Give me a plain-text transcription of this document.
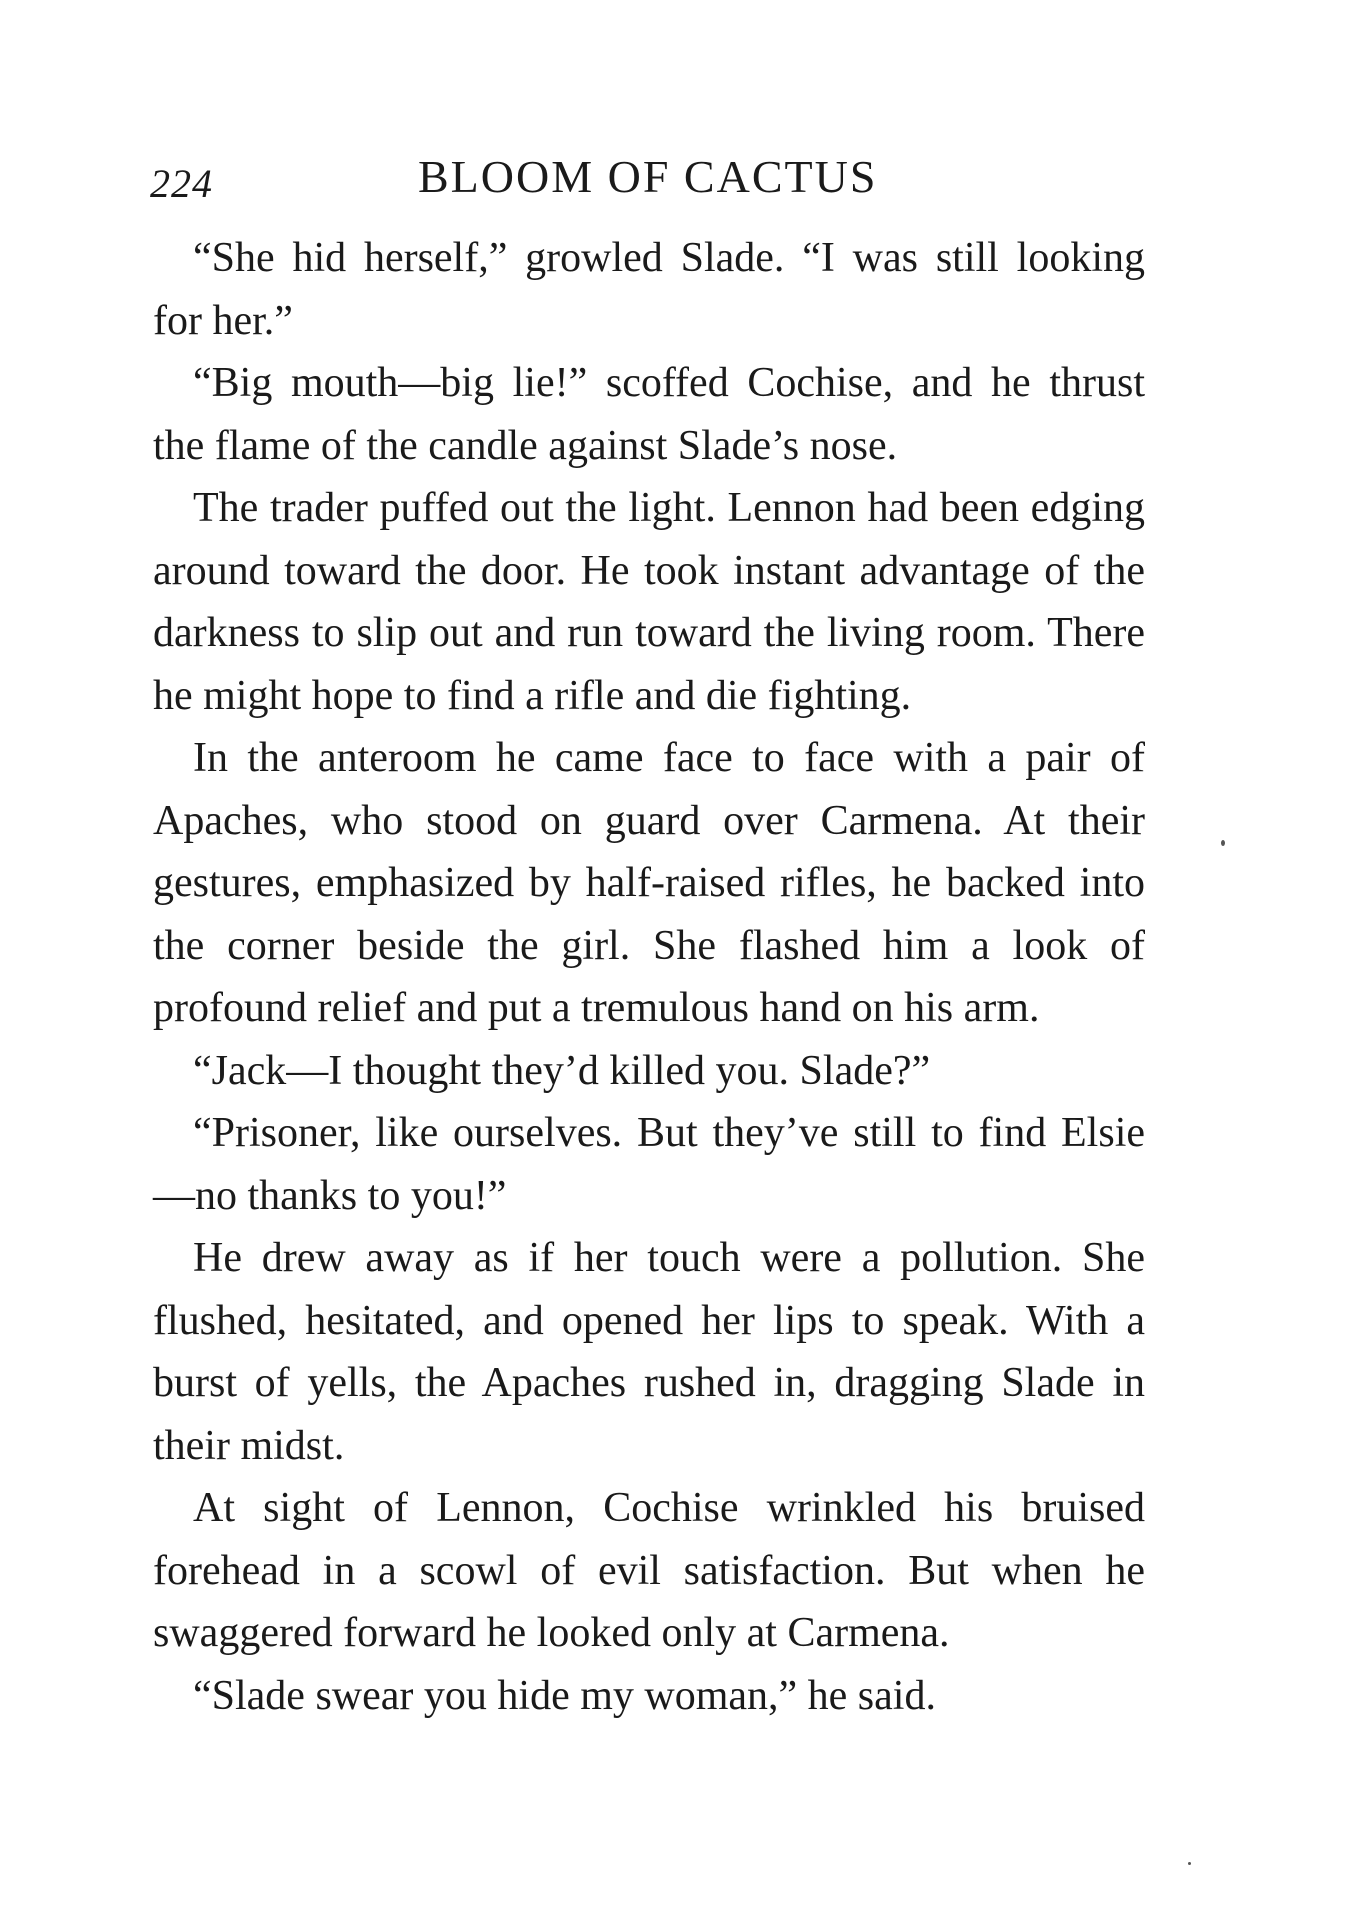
224	BLOOM OF CACTUS

“She hid herself,” growled Slade. “I was still looking for her.”

“Big mouth—big lie!” scoffed Cochise, and he thrust the flame of the candle against Slade’s nose.

The trader puffed out the light. Lennon had been edging around toward the door. He took instant advantage of the darkness to slip out and run toward the living room. There he might hope to find a rifle and die fighting.

In the anteroom he came face to face with a pair of Apaches, who stood on guard over Carmena. At their gestures, emphasized by half-raised rifles, he backed into the corner beside the girl. She flashed him a look of profound relief and put a tremulous hand on his arm.

“Jack—I thought they’d killed you. Slade?”

“Prisoner, like ourselves. But they’ve still to find Elsie—no thanks to you!”

He drew away as if her touch were a pollution. She flushed, hesitated, and opened her lips to speak. With a burst of yells, the Apaches rushed in, dragging Slade in their midst.

At sight of Lennon, Cochise wrinkled his bruised forehead in a scowl of evil satisfaction. But when he swaggered forward he looked only at Carmena.

“Slade swear you hide my woman,” he said.
